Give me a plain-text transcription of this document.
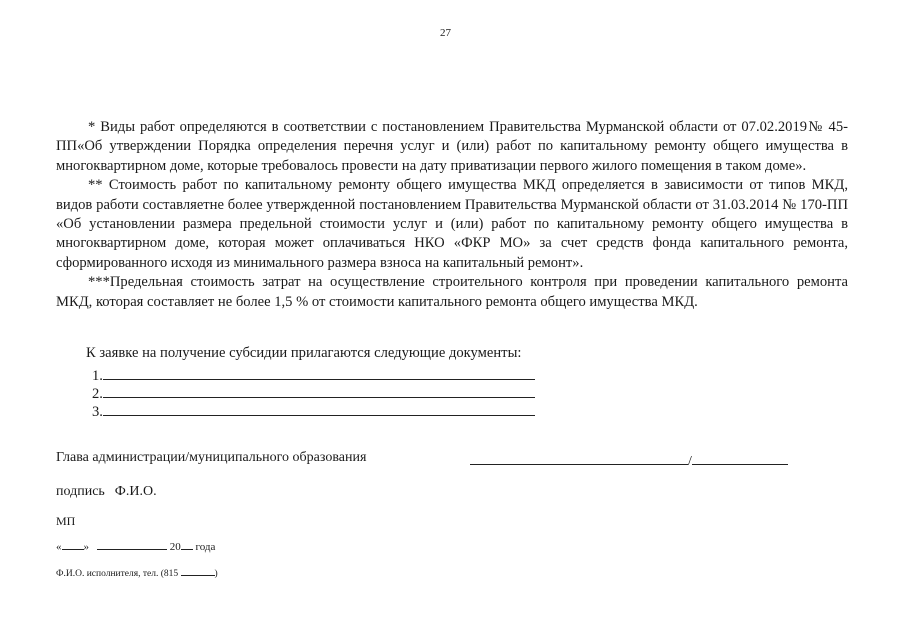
27

* Виды работ определяются в соответствии с постановлением Правительства Мурманской области от 07.02.2019№ 45-ПП«Об утверждении Порядка определения перечня услуг и (или) работ по капитальному ремонту общего имущества в многоквартирном доме, которые требовалось провести на дату приватизации первого жилого помещения в таком доме».

** Стоимость работ по капитальному ремонту общего имущества МКД определяется в зависимости от типов МКД, видов работи составляетне более утвержденной постановлением Правительства Мурманской области от 31.03.2014 № 170-ПП «Об установлении размера предельной стоимости услуг и (или) работ по капитальному ремонту общего имущества в многоквартирном доме, которая может оплачиваться НКО «ФКР МО» за счет средств фонда капитального ремонта, сформированного исходя из минимального размера взноса на капитальный ремонт».

***Предельная стоимость затрат на осуществление строительного контроля при проведении капитального ремонта МКД, которая составляет не более 1,5 % от стоимости капитального ремонта общего имущества МКД.

К заявке на получение субсидии прилагаются следующие документы:
1.
2.
3.
Глава администрации/муниципального образования	/
подпись Ф.И.О.
МП
« »	20 года
Ф.И.О. исполнителя, тел. (815	)
